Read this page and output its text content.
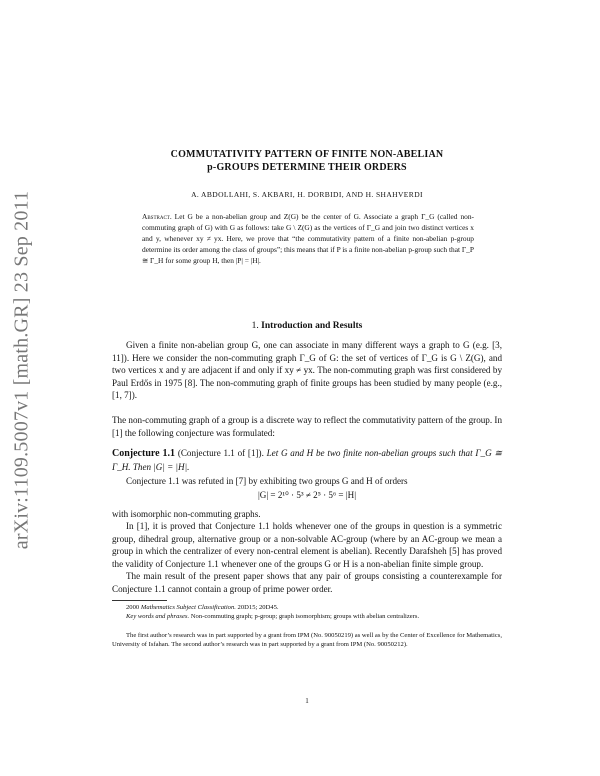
arXiv:1109.5007v1 [math.GR] 23 Sep 2011
COMMUTATIVITY PATTERN OF FINITE NON-ABELIAN
p-GROUPS DETERMINE THEIR ORDERS
A. ABDOLLAHI, S. AKBARI, H. DORBIDI, AND H. SHAHVERDI
Abstract. Let G be a non-abelian group and Z(G) be the center of G. Associate a graph Γ_G (called non-commuting graph of G) with G as follows: take G \ Z(G) as the vertices of Γ_G and join two distinct vertices x and y, whenever xy ≠ yx. Here, we prove that “the commutativity pattern of a finite non-abelian p-group determine its order among the class of groups”; this means that if P is a finite non-abelian p-group such that Γ_P ≅ Γ_H for some group H, then |P| = |H|.
1. Introduction and Results
Given a finite non-abelian group G, one can associate in many different ways a graph to G (e.g. [3, 11]). Here we consider the non-commuting graph Γ_G of G: the set of vertices of Γ_G is G \ Z(G), and two vertices x and y are adjacent if and only if xy ≠ yx. The non-commuting graph was first considered by Paul Erdős in 1975 [8]. The non-commuting graph of finite groups has been studied by many people (e.g., [1, 7]).
The non-commuting graph of a group is a discrete way to reflect the commutativity pattern of the group. In [1] the following conjecture was formulated:
Conjecture 1.1 (Conjecture 1.1 of [1]). Let G and H be two finite non-abelian groups such that Γ_G ≅ Γ_H. Then |G| = |H|.
Conjecture 1.1 was refuted in [7] by exhibiting two groups G and H of orders
|G| = 2¹⁰ · 5³ ≠ 2⁵ · 5⁶ = |H|
with isomorphic non-commuting graphs.
In [1], it is proved that Conjecture 1.1 holds whenever one of the groups in question is a symmetric group, dihedral group, alternative group or a non-solvable AC-group (where by an AC-group we mean a group in which the centralizer of every non-central element is abelian). Recently Darafsheh [5] has proved the validity of Conjecture 1.1 whenever one of the groups G or H is a non-abelian finite simple group.
The main result of the present paper shows that any pair of groups consisting a counterexample for Conjecture 1.1 cannot contain a group of prime power order.
2000 Mathematics Subject Classification. 20D15; 20D45.
Key words and phrases. Non-commuting graph; p-group; graph isomorphism; groups with abelian centralizers.
The first author’s research was in part supported by a grant from IPM (No. 90050219) as well as by the Center of Excellence for Mathematics, University of Isfahan. The second author’s research was in part supported by a grant from IPM (No. 90050212).
1
